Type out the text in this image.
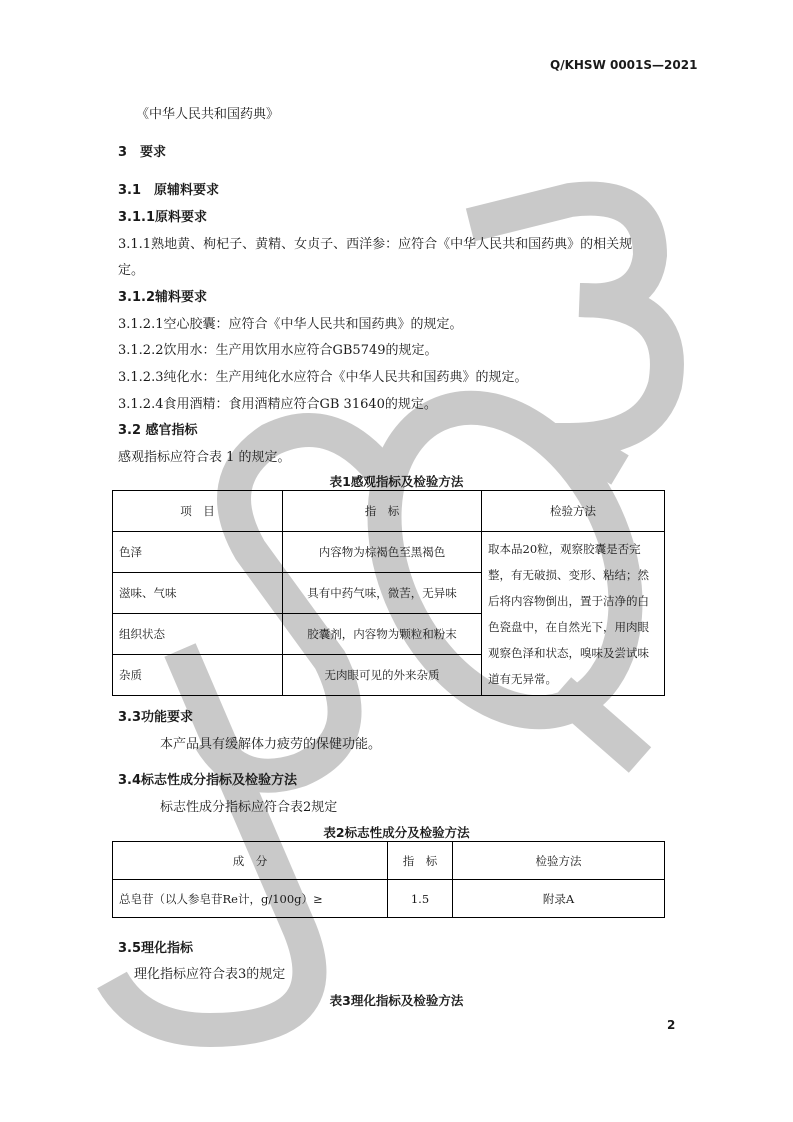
Q/KHSW 0001S—2021
《中华人民共和国药典》
3　要求
3.1　原辅料要求
3.1.1原料要求
3.1.1熟地黄、枸杞子、黄精、女贞子、西洋参：应符合《中华人民共和国药典》的相关规
定。
3.1.2辅料要求
3.1.2.1空心胶囊：应符合《中华人民共和国药典》的规定。
3.1.2.2饮用水：生产用饮用水应符合GB5749的规定。
3.1.2.3纯化水：生产用纯化水应符合《中华人民共和国药典》的规定。
3.1.2.4食用酒精：食用酒精应符合GB 31640的规定。
3.2 感官指标
感观指标应符合表 1 的规定。
表1感观指标及检验方法
项　目	指　标	检验方法
色泽	内容物为棕褐色至黑褐色	取本品20粒，观察胶囊是否完整，有无破损、变形、粘结；然后将内容物倒出，置于洁净的白色瓷盘中，在自然光下，用肉眼观察色泽和状态，嗅味及尝试味道有无异常。
滋味、气味	具有中药气味，微苦，无异味	
组织状态	胶囊剂，内容物为颗粒和粉末	
杂质	无肉眼可见的外来杂质	
3.3功能要求
本产品具有缓解体力疲劳的保健功能。
3.4标志性成分指标及检验方法
标志性成分指标应符合表2规定
表2标志性成分及检验方法
成　分	指　标	检验方法
总皂苷（以人参皂苷Re计，g/100g）≥	1.5	附录A
3.5理化指标
理化指标应符合表3的规定
表3理化指标及检验方法
2
